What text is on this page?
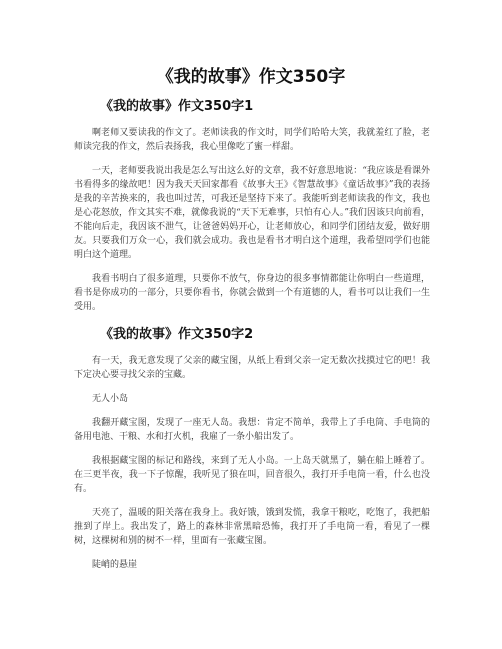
《我的故事》作文350字
《我的故事》作文350字1

啊老师又要读我的作文了。老师读我的作文时，同学们哈哈大笑，我就羞红了脸，老师读完我的作文，然后表扬我，我心里像吃了蜜一样甜。

一天，老师要我说出我是怎么写出这么好的文章，我不好意思地说：“我应该是看课外书看得多的缘故吧！因为我天天回家都看《故事大王》《智慧故事》《童话故事》”我的表扬是我的辛苦换来的，我也叫过苦，可我还是坚持下来了。我能听到老师读我的作文，我也是心花怒放，作文其实不难，就像我说的“天下无难事，只怕有心人。”我们因该只向前看，不能向后走，我因该不泄气，让爸爸妈妈开心，让老师放心，和同学们团结友爱，做好朋友。只要我们万众一心，我们就会成功。我也是看书才明白这个道理，我希望同学们也能明白这个道理。

我看书明白了很多道理，只要你不放气，你身边的很多事情都能让你明白一些道理，看书是你成功的一部分，只要你看书，你就会做到一个有道德的人，看书可以让我们一生受用。

《我的故事》作文350字2

有一天，我无意发现了父亲的藏宝图，从纸上看到父亲一定无数次找摸过它的吧！我下定决心要寻找父亲的宝藏。

无人小岛

我翻开藏宝图，发现了一座无人岛。我想：肯定不简单，我带上了手电筒、手电筒的备用电池、干粮、水和打火机，我雇了一条小船出发了。

我根据藏宝图的标记和路线，来到了无人小岛。一上岛天就黑了，躺在船上睡着了。在三更半夜，我一下子惊醒，我听见了狼在叫，回音很久，我打开手电筒一看，什么也没有。

天亮了，温暖的阳关落在我身上。我好饿，饿到发慌，我拿干粮吃，吃饱了，我把船推到了岸上。我出发了，路上的森林非常黑暗恐怖，我打开了手电筒一看，看见了一棵树，这棵树和别的树不一样，里面有一张藏宝图。

陡峭的悬崖
